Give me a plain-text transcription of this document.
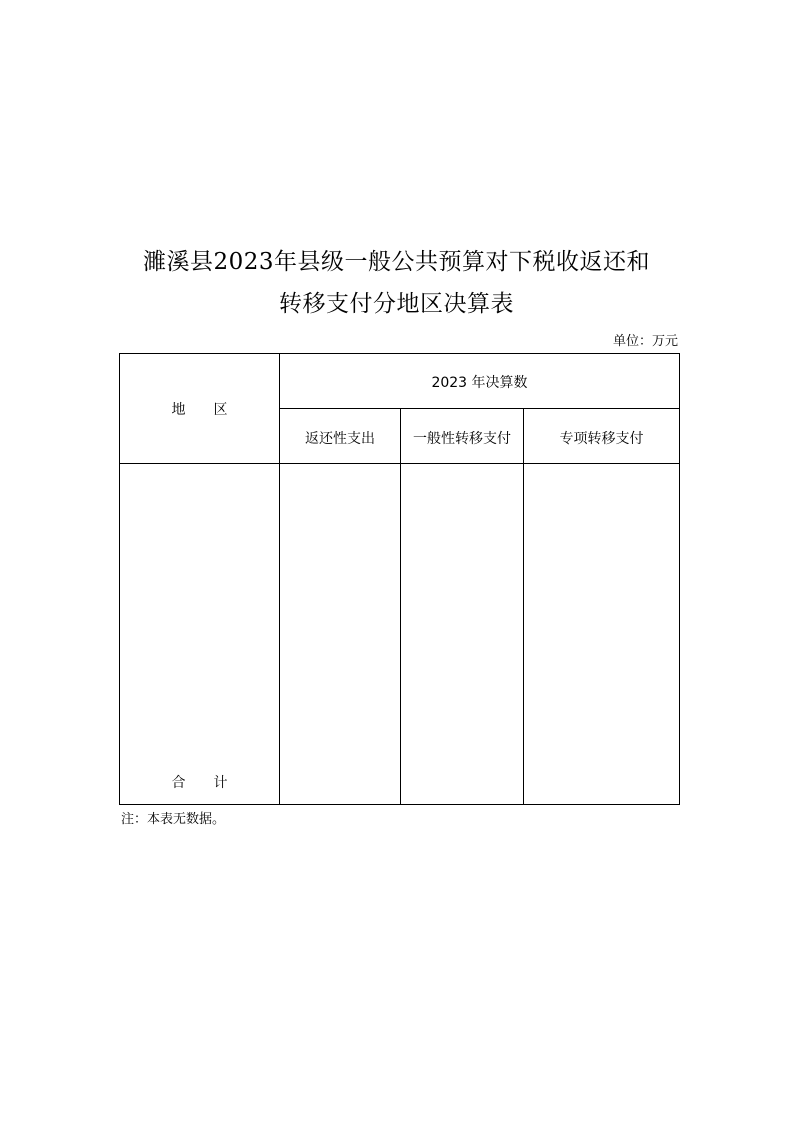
濉溪县2023年县级一般公共预算对下税收返还和
转移支付分地区决算表
单位：万元
地　　区
2023 年决算数
返还性支出	一般性转移支付	专项转移支付
合　　计
注：本表无数据。
